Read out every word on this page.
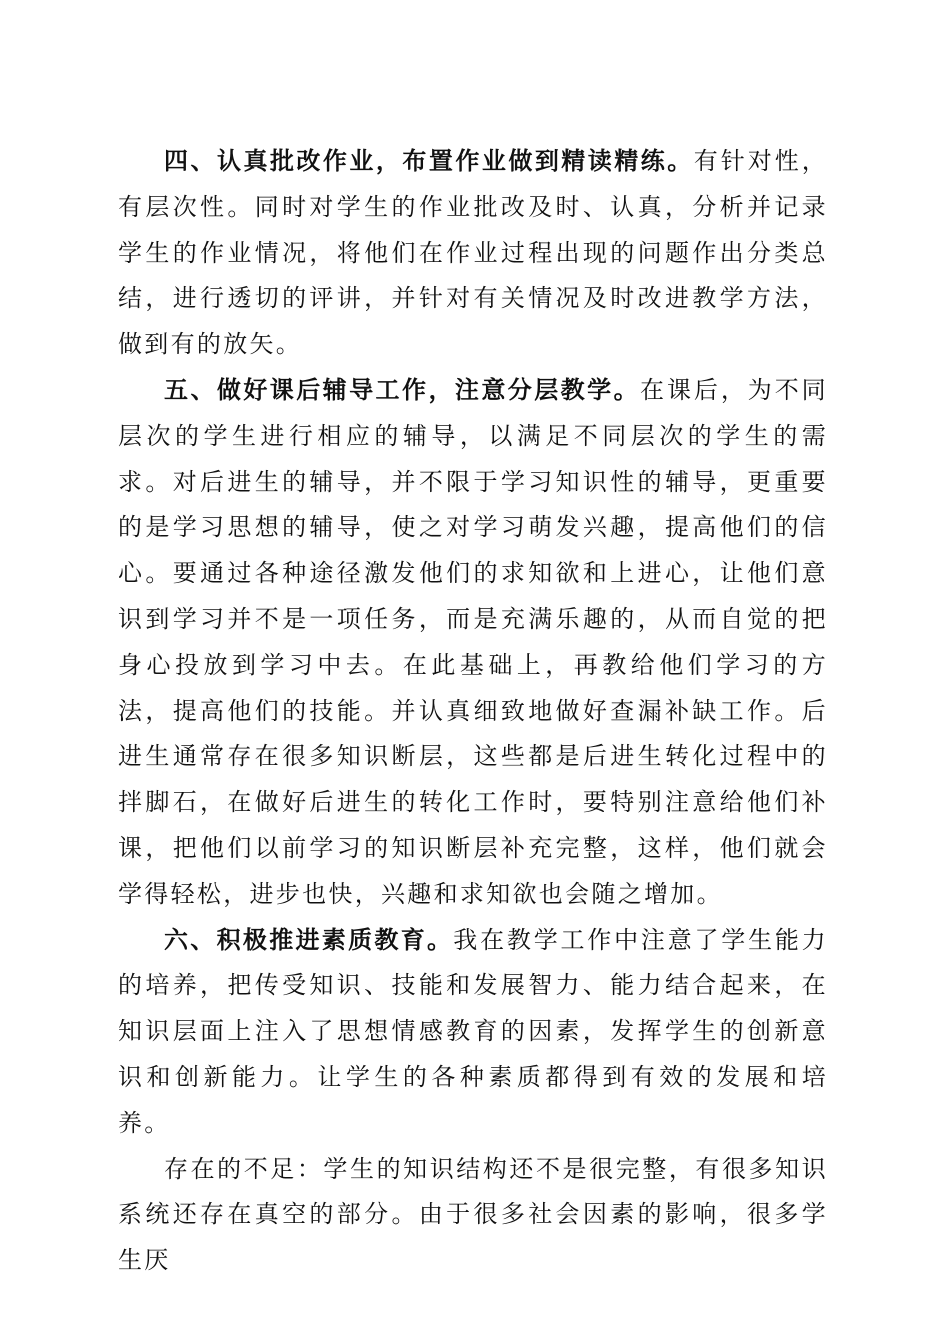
四、认真批改作业，布置作业做到精读精练。有针对性，有层次性。同时对学生的作业批改及时、认真，分析并记录学生的作业情况，将他们在作业过程出现的问题作出分类总结，进行透切的评讲，并针对有关情况及时改进教学方法，做到有的放矢。

五、做好课后辅导工作，注意分层教学。在课后，为不同层次的学生进行相应的辅导，以满足不同层次的学生的需求。对后进生的辅导，并不限于学习知识性的辅导，更重要的是学习思想的辅导，使之对学习萌发兴趣，提高他们的信心。要通过各种途径激发他们的求知欲和上进心，让他们意识到学习并不是一项任务，而是充满乐趣的，从而自觉的把身心投放到学习中去。在此基础上，再教给他们学习的方法，提高他们的技能。并认真细致地做好查漏补缺工作。后进生通常存在很多知识断层，这些都是后进生转化过程中的拌脚石，在做好后进生的转化工作时，要特别注意给他们补课，把他们以前学习的知识断层补充完整，这样，他们就会学得轻松，进步也快，兴趣和求知欲也会随之增加。

六、积极推进素质教育。我在教学工作中注意了学生能力的培养，把传受知识、技能和发展智力、能力结合起来，在知识层面上注入了思想情感教育的因素，发挥学生的创新意识和创新能力。让学生的各种素质都得到有效的发展和培养。

存在的不足：学生的知识结构还不是很完整，有很多知识系统还存在真空的部分。由于很多社会因素的影响，很多学生厌
